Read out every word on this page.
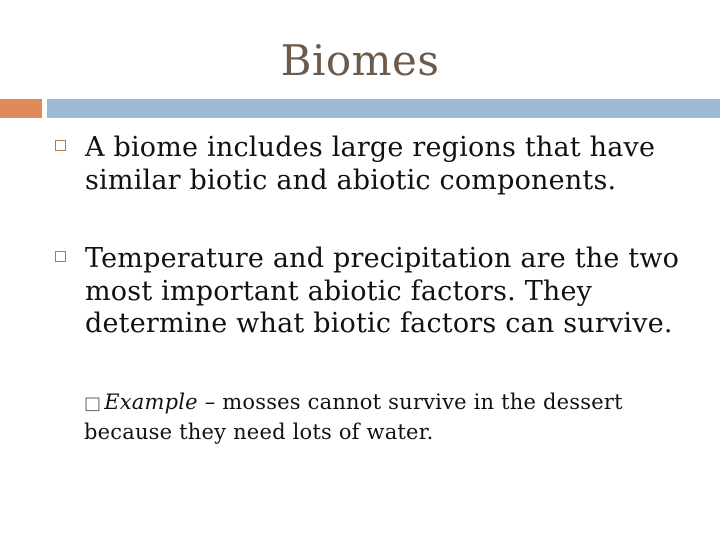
Biomes
A biome includes large regions that have similar biotic and abiotic components.
Temperature and precipitation are the two most important abiotic factors. They determine what biotic factors can survive.
□ Example – mosses cannot survive in the dessert because they need lots of water.
